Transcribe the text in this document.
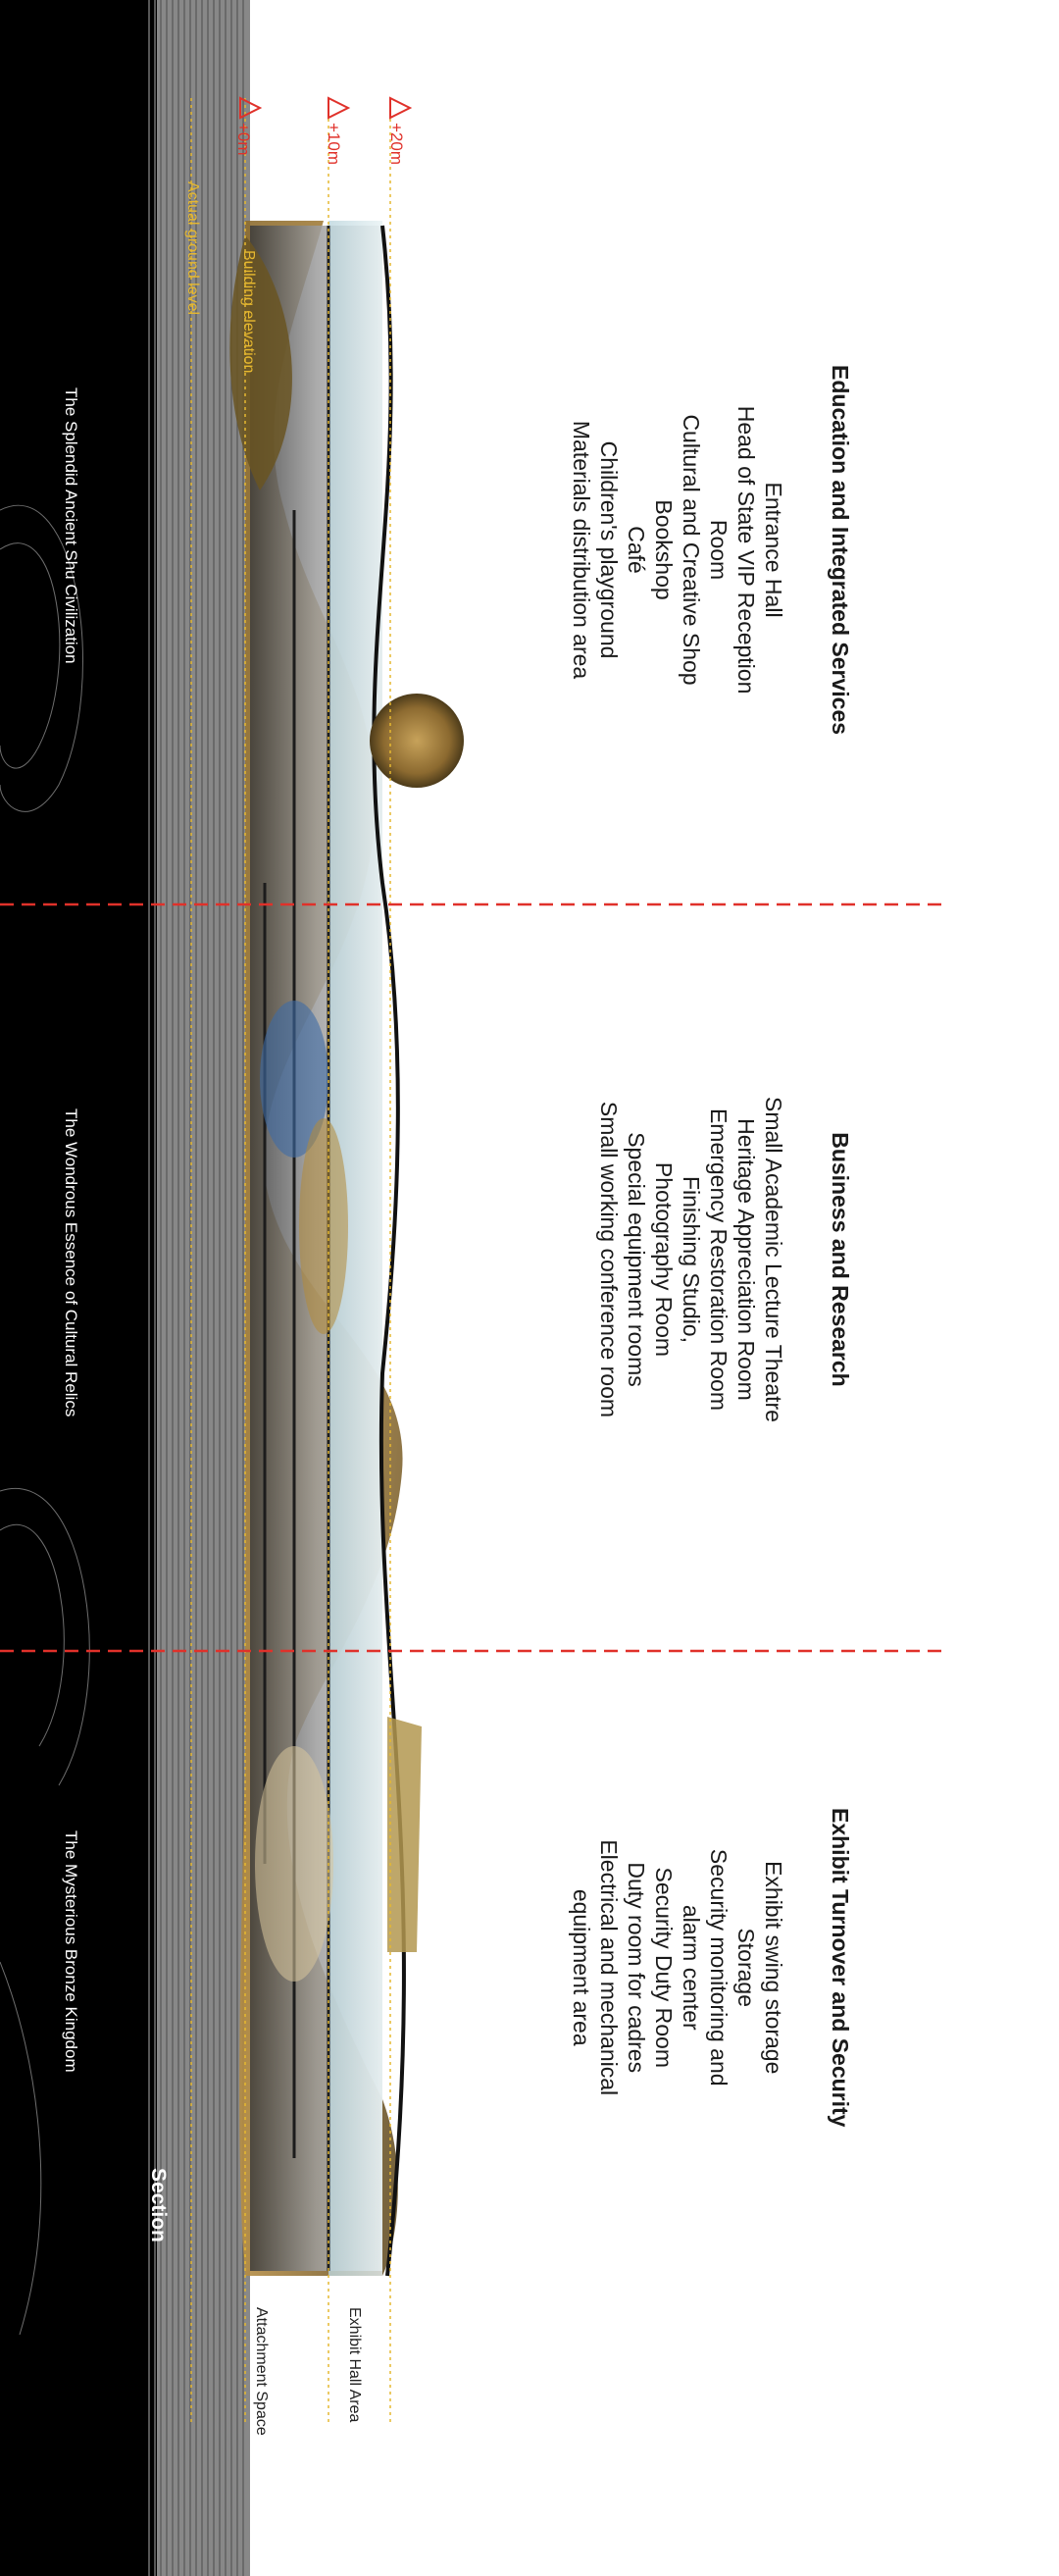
+0m	+10m	+20m
Actual ground level	Building elevation
The Splendid Ancient Shu Civilization
The Wondrous Essence of Cultural Relics
The Mysterious Bronze Kingdom
Section
Exhibit Hall Area
Attachment Space
Education and Integrated Services
Entrance Hall
Head of State VIP Reception
Room
Cultural and Creative Shop
Bookshop
Café
Children's playground
Materials distribution area
Business and Research
Small Academic Lecture Theatre
Heritage Appreciation Room
Emergency Restoration Room
Finishing Studio,
Photography Room
Special equipment rooms
Small working conference room
Exhibit Turnover and Security
Exhibit swing storage
Storage
Security monitoring and
alarm center
Security Duty Room
Duty room for cadres
Electrical and mechanical
equipment area
